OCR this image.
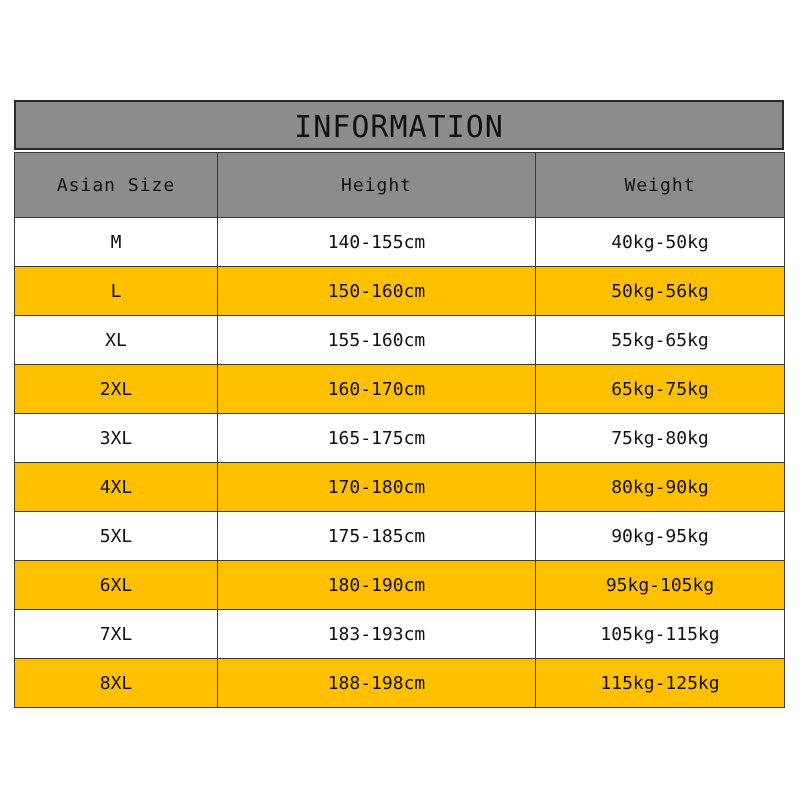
INFORMATION
Asian Size	Height	Weight
M	140-155cm	40kg-50kg
L	150-160cm	50kg-56kg
XL	155-160cm	55kg-65kg
2XL	160-170cm	65kg-75kg
3XL	165-175cm	75kg-80kg
4XL	170-180cm	80kg-90kg
5XL	175-185cm	90kg-95kg
6XL	180-190cm	95kg-105kg
7XL	183-193cm	105kg-115kg
8XL	188-198cm	115kg-125kg
